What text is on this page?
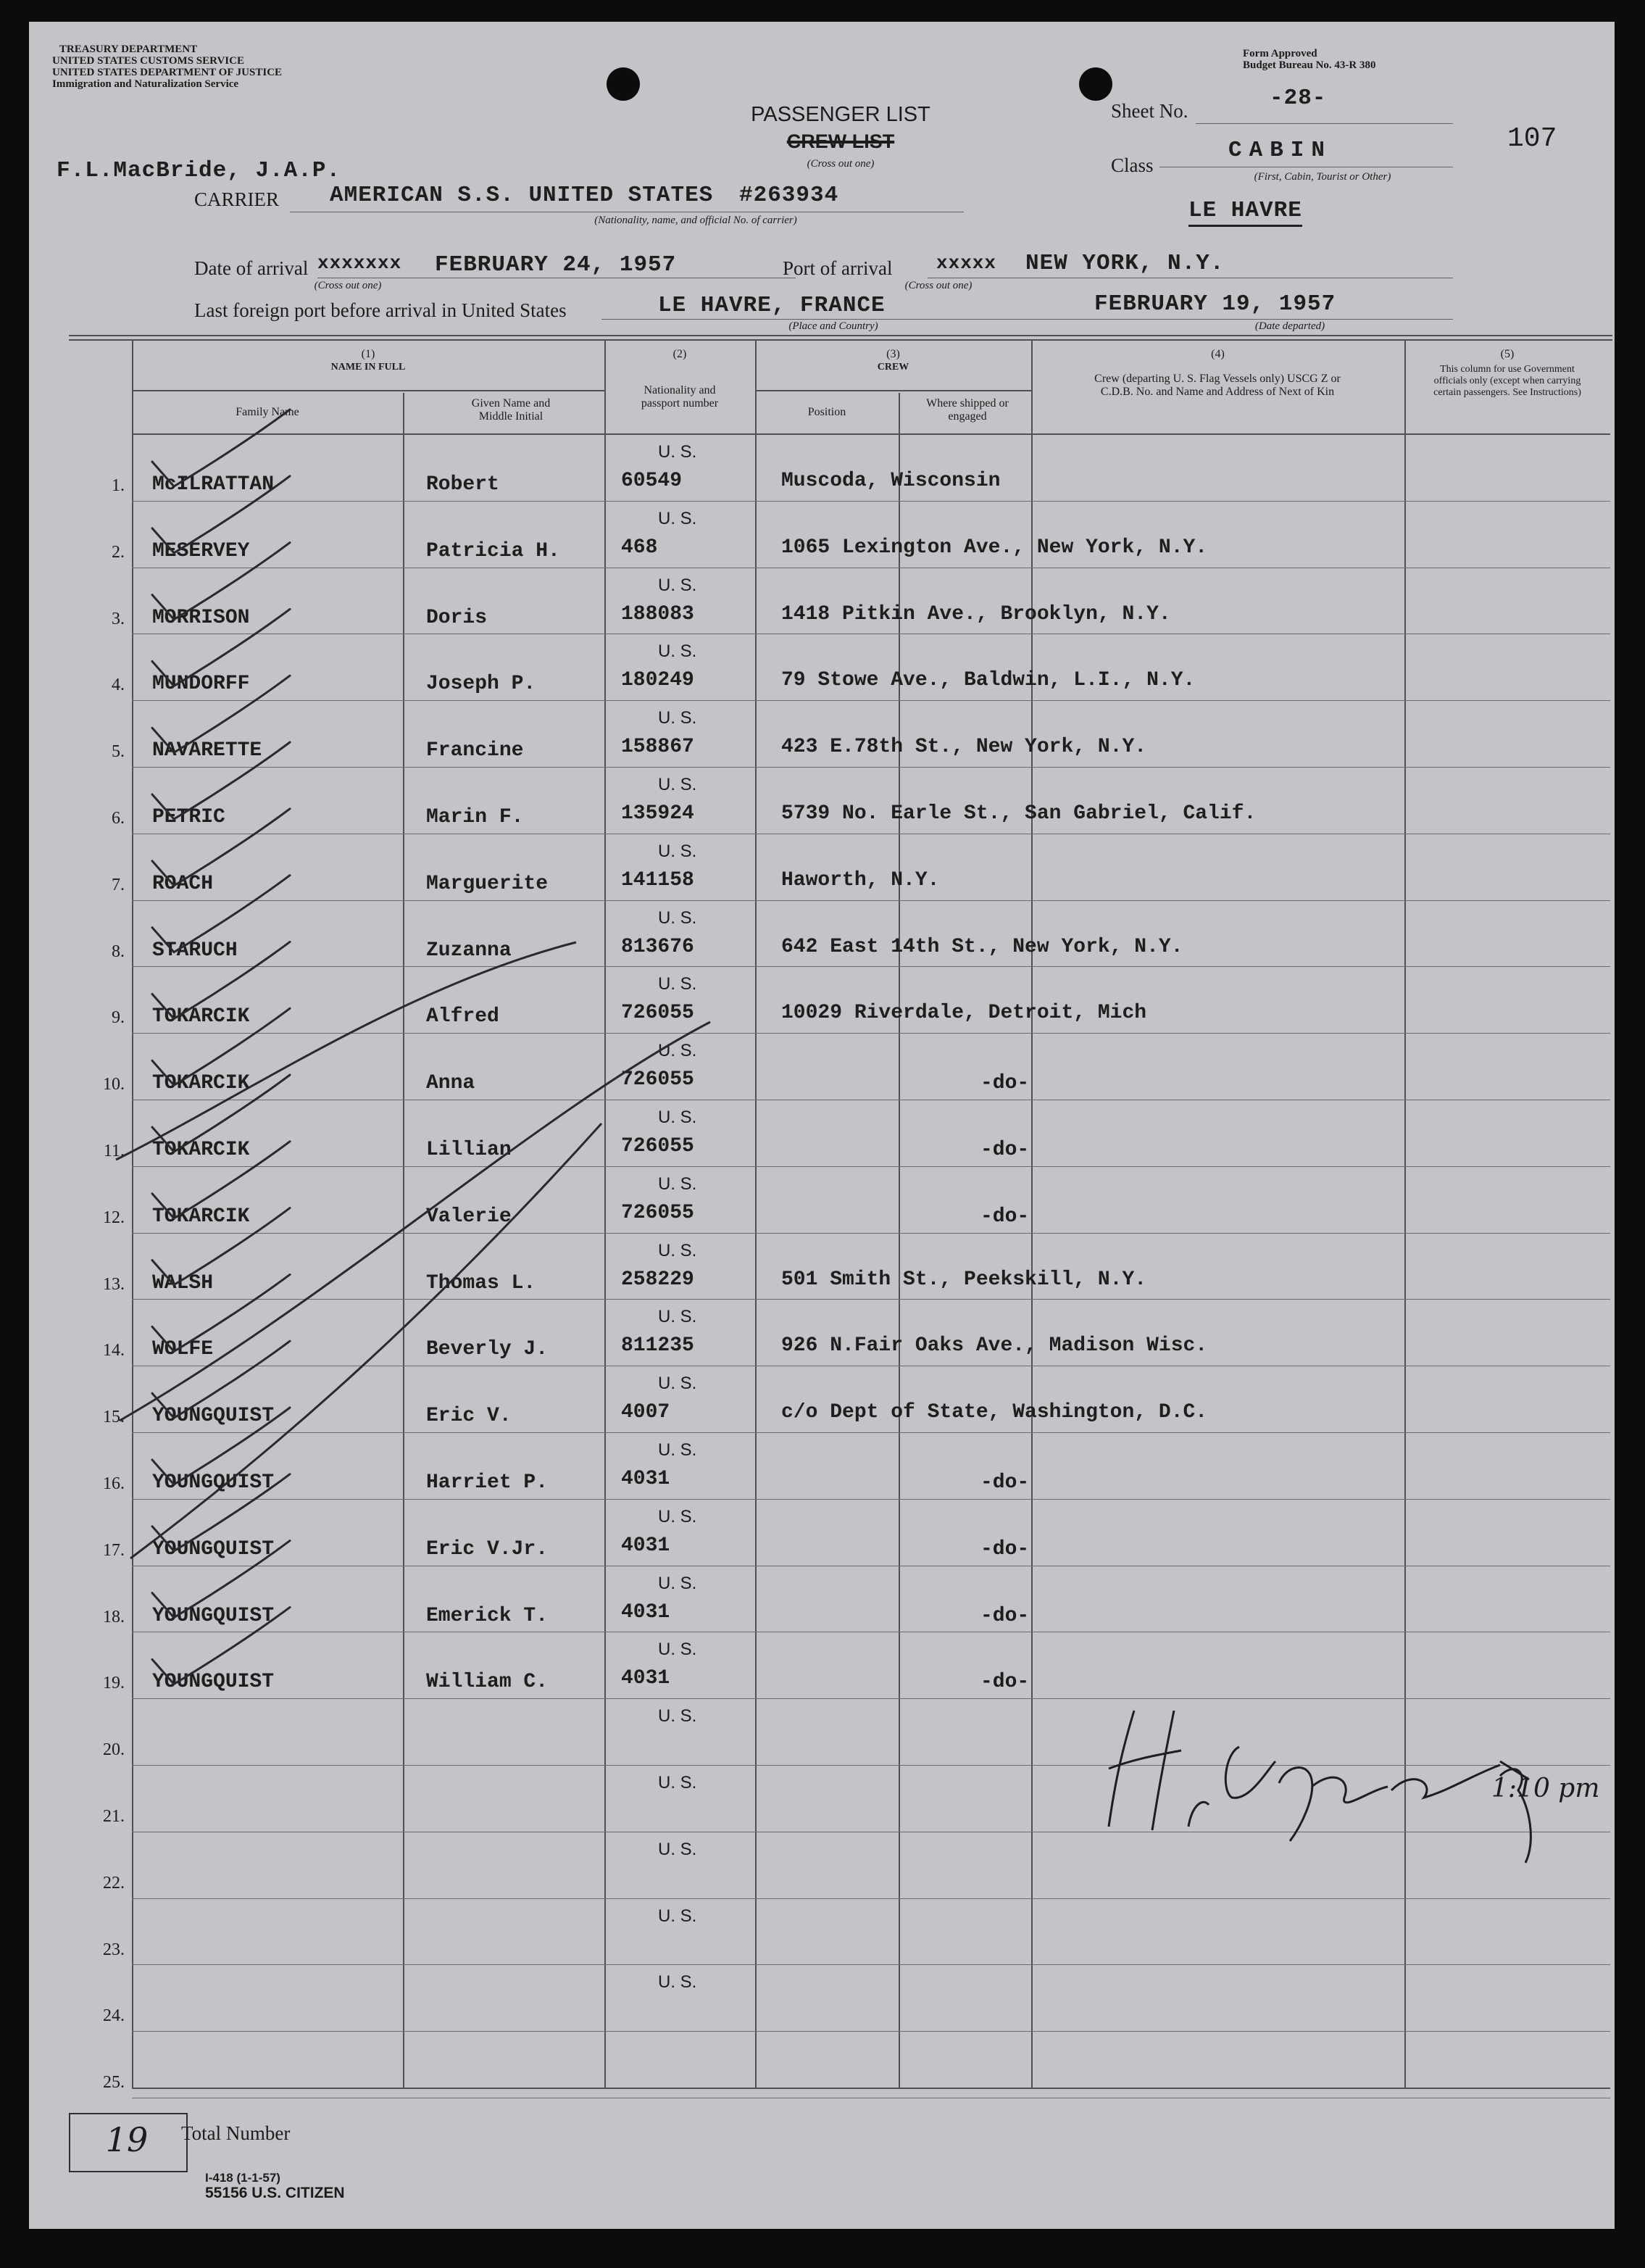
TREASURY DEPARTMENT
UNITED STATES CUSTOMS SERVICE
UNITED STATES DEPARTMENT OF JUSTICE
Immigration and Naturalization Service
Form Approved
Budget Bureau No. 43-R 380
PASSENGER LIST
CREW LIST
(Cross out one)
Sheet No.	-28-
107
Class
CABIN
(First, Cabin, Tourist or Other)
LE HAVRE
F.L.MacBride, J.A.P.
CARRIER AMERICAN S.S. UNITED STATES #263934
(Nationality, name, and official No. of carrier)
Date of arrival xxxxxxx FEBRUARY 24, 1957
(Cross out one)
Port of arrival xxxxx NEW YORK, N.Y.
(Cross out one)
Last foreign port before arrival in United States	LE HAVRE, FRANCE
(Place and Country)
FEBRUARY 19, 1957
(Date departed)
(1)
NAME IN FULL
Family Name
Given Name and Middle Initial
(2)
Nationality and passport number
(3)
CREW
Position
Where shipped or engaged
(4)
Crew (departing U. S. Flag Vessels only) USCG Z or C.D.B. No. and Name and Address of Next of Kin
(5)
This column for use Government officials only (except when carrying certain passengers. See Instructions)
1.
U. S.
McILRATTAN	Robert	60549	Muscoda, Wisconsin
2.
U. S.
MESERVEY	Patricia H.	468	1065 Lexington Ave., New York, N.Y.
3.
U. S.
MORRISON	Doris	188083	1418 Pitkin Ave., Brooklyn, N.Y.
4.
U. S.
MUNDORFF	Joseph P.	180249	79 Stowe Ave., Baldwin, L.I., N.Y.
5.
U. S.
NAVARETTE	Francine	158867	423 E.78th St., New York, N.Y.
6.
U. S.
PETRIC	Marin F.	135924	5739 No. Earle St., San Gabriel, Calif.
7.
U. S.
ROACH	Marguerite	141158	Haworth, N.Y.
8.
U. S.
STARUCH	Zuzanna	813676	642 East 14th St., New York, N.Y.
9.
U. S.
TOKARCIK	Alfred	726055	10029 Riverdale, Detroit, Mich
10.
U. S.
TOKARCIK	Anna	726055	-do-
11.
U. S.
TOKARCIK	Lillian	726055	-do-
12.
U. S.
TOKARCIK	Valerie	726055	-do-
13.
U. S.
WALSH	Thomas L.	258229	501 Smith St., Peekskill, N.Y.
14.
U. S.
WOLFE	Beverly J.	811235	926 N.Fair Oaks Ave., Madison Wisc.
15.
U. S.
YOUNGQUIST	Eric V.	4007	c/o Dept of State, Washington, D.C.
16.
U. S.
YOUNGQUIST	Harriet P.	4031	-do-
17.
U. S.
YOUNGQUIST	Eric V.Jr.	4031	-do-
18.
U. S.
YOUNGQUIST	Emerick T.	4031	-do-
19.
U. S.
YOUNGQUIST	William C.	4031	-do-
20.
U. S.
21.
U. S.
22.
U. S.
23.
U. S.
24.
U. S.
25.
1:10 pm
19	Total Number
I-418 (1-1-57)
55156 U.S. CITIZEN
